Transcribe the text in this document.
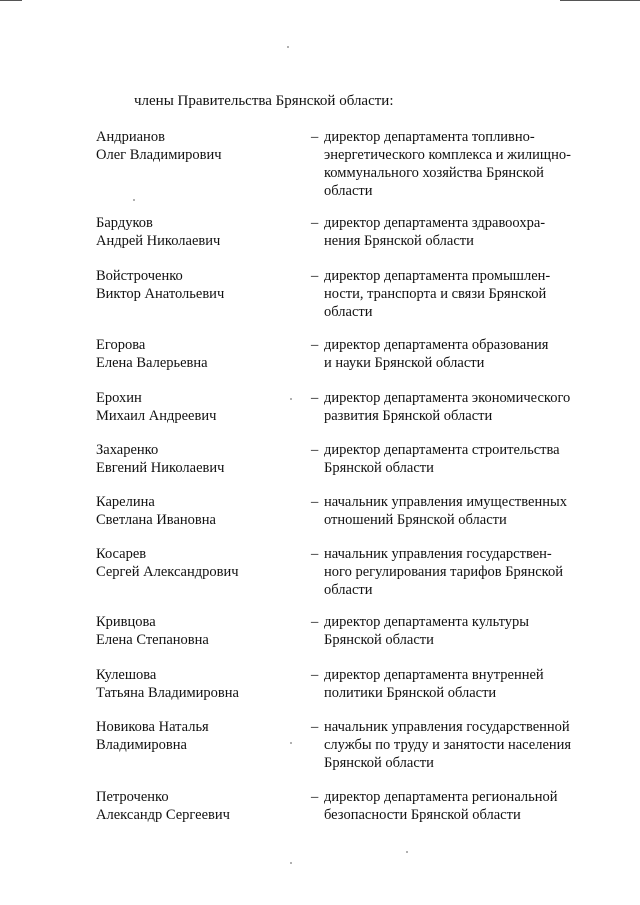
члены Правительства Брянской области:
Андрианов
Олег Владимирович
– директор департамента топливно-
энергетического комплекса и жилищно-
коммунального хозяйства Брянской
области
Бардуков
Андрей Николаевич
– директор департамента здравоохра-
нения Брянской области
Войстроченко
Виктор Анатольевич
– директор департамента промышлен-
ности, транспорта и связи Брянской
области
Егорова
Елена Валерьевна
– директор департамента образования
и науки Брянской области
Ерохин
Михаил Андреевич
– директор департамента экономического
развития Брянской области
Захаренко
Евгений Николаевич
– директор департамента строительства
Брянской области
Карелина
Светлана Ивановна
– начальник управления имущественных
отношений Брянской области
Косарев
Сергей Александрович
– начальник управления государствен-
ного регулирования тарифов Брянской
области
Кривцова
Елена Степановна
– директор департамента культуры
Брянской области
Кулешова
Татьяна Владимировна
– директор департамента внутренней
политики Брянской области
Новикова Наталья
Владимировна
– начальник управления государственной
службы по труду и занятости населения
Брянской области
Петроченко
Александр Сергеевич
– директор департамента региональной
безопасности Брянской области
